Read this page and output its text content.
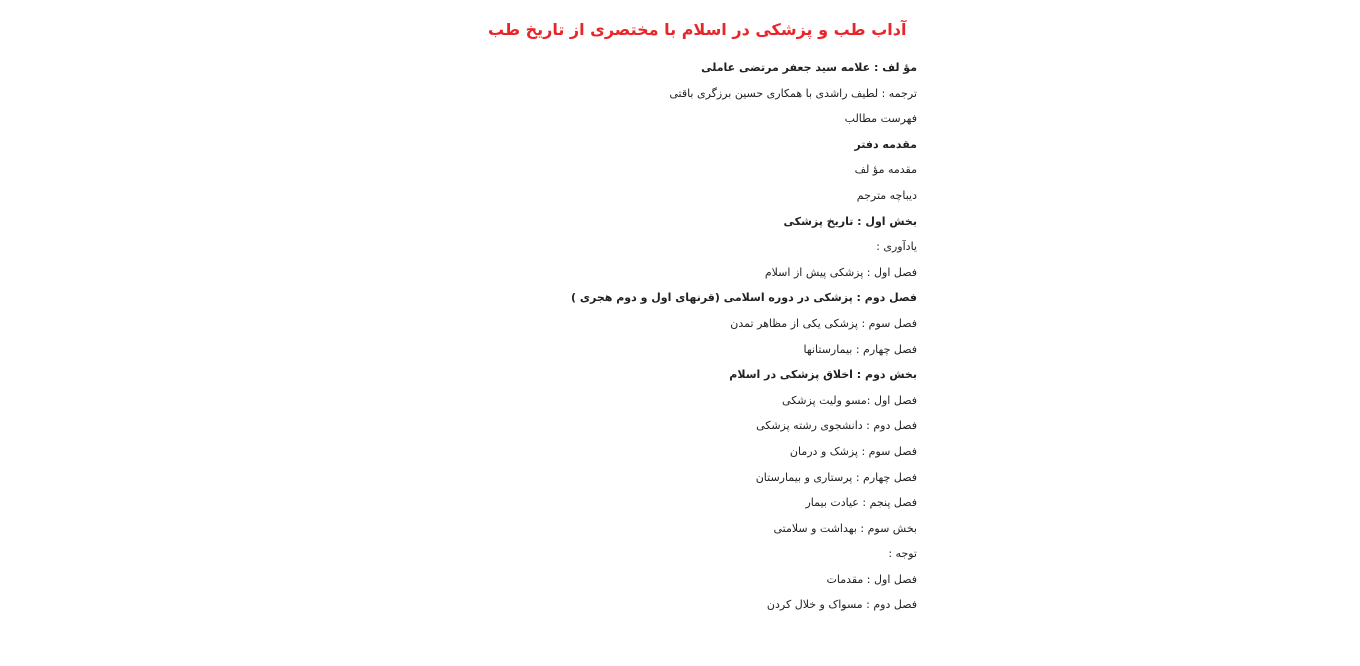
آداب طب و پزشکی در اسلام با مختصری از تاریخ طب
مؤ لف : علامه سید جعفر مرتضی عاملی
ترجمه : لطیف راشدی با همکاری حسین برزگری باقتی
فهرست مطالب
مقدمه دفتر
مقدمه مؤ لف
دیباچه مترجم
بخش اول : تاریخ پزشکی
یادآوری :
فصل اول : پزشکی پیش از اسلام
فصل دوم : پزشکی در دوره اسلامی (قرنهای اول و دوم هجری )
فصل سوم : پزشکی یکی از مظاهر تمدن
فصل چهارم : بیمارستانها
بخش دوم : اخلاق پزشکی در اسلام
فصل اول :مسو ولیت پزشکی
فصل دوم : دانشجوی رشته پزشکی
فصل سوم : پزشک و درمان
فصل چهارم : پرستاری و بیمارستان
فصل پنجم : عیادت بیمار
بخش سوم : بهداشت و سلامتی
توجه :
فصل اول : مقدمات
فصل دوم : مسواک و خلال کردن
